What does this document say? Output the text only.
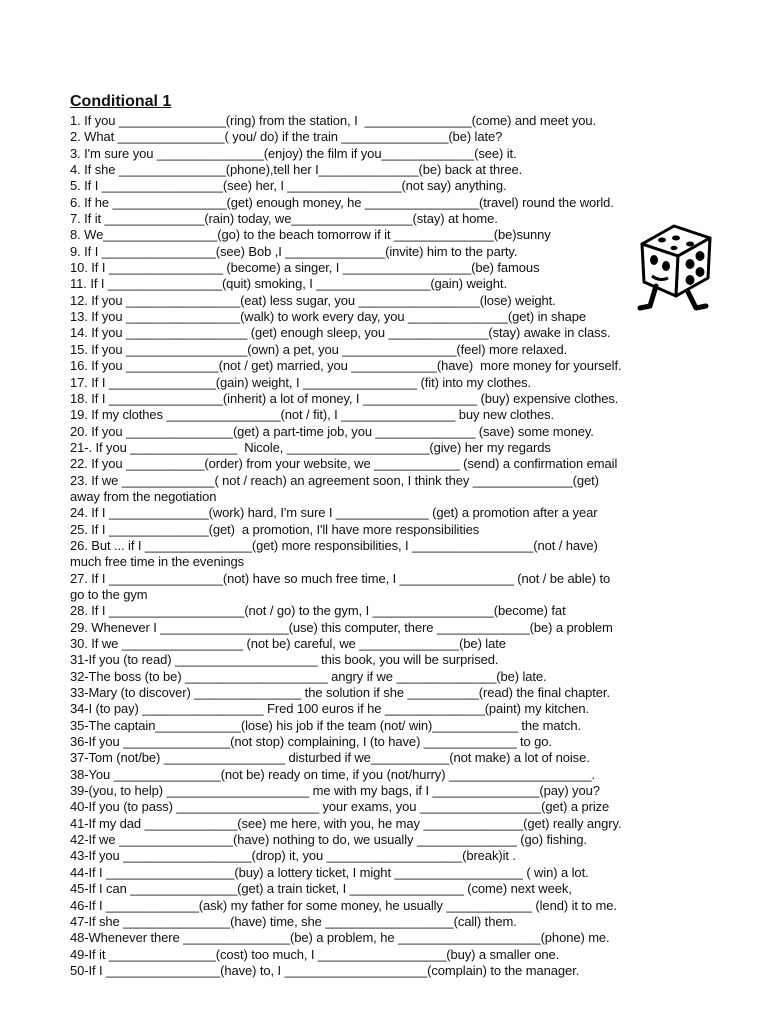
Conditional 1
1. If you _______________(ring) from the station, I  _______________(come) and meet you.
2. What _______________( you/ do) if the train _______________(be) late?
3. I'm sure you _______________(enjoy) the film if you_____________(see) it.
4. If she _______________(phone),tell her I______________(be) back at three.
5. If I _________________(see) her, I ________________(not say) anything.
6. If he ________________(get) enough money, he ________________(travel) round the world.
7. If it ______________(rain) today, we_________________(stay) at home.
8. We________________(go) to the beach tomorrow if it ______________(be)sunny
9. If I ________________(see) Bob ,I ______________(invite) him to the party.
10. If I ________________ (become) a singer, I __________________(be) famous
11. If I ________________(quit) smoking, I ________________(gain) weight.
12. If you ________________(eat) less sugar, you _________________(lose) weight.
13. If you ________________(walk) to work every day, you ______________(get) in shape
14. If you _________________ (get) enough sleep, you ______________(stay) awake in class.
15. If you _________________(own) a pet, you ________________(feel) more relaxed.
16. If you _____________(not / get) married, you ____________(have)  more money for yourself.
17. If I _______________(gain) weight, I ________________ (fit) into my clothes.
18. If I ________________(inherit) a lot of money, I ________________ (buy) expensive clothes.
19. If my clothes ________________(not / fit), I ________________ buy new clothes.
20. If you _______________(get) a part-time job, you ______________ (save) some money.
21-. If you _______________  Nicole, ____________________(give) her my regards
22. If you ___________(order) from your website, we ____________ (send) a confirmation email
23. If we _____________( not / reach) an agreement soon, I think they ______________(get)
away from the negotiation
24. If I ______________(work) hard, I'm sure I _____________ (get) a promotion after a year
25. If I ______________(get)  a promotion, I'll have more responsibilities
26. But ... if I _______________(get) more responsibilities, I _________________(not / have)
much free time in the evenings
27. If I ________________(not) have so much free time, I ________________ (not / be able) to
go to the gym
28. If I ___________________(not / go) to the gym, I _________________(become) fat
29. Whenever I __________________(use) this computer, there _____________(be) a problem
30. If we _________________ (not be) careful, we ______________(be) late
31-If you (to read) ____________________ this book, you will be surprised.
32-The boss (to be) ____________________ angry if we ______________(be) late.
33-Mary (to discover) _______________ the solution if she __________(read) the final chapter.
34-I (to pay) _________________ Fred 100 euros if he ______________(paint) my kitchen.
35-The captain____________(lose) his job if the team (not/ win)____________ the match.
36-If you _______________(not stop) complaining, I (to have) _____________ to go.
37-Tom (not/be) _________________ disturbed if we___________(not make) a lot of noise.
38-You _______________(not be) ready on time, if you (not/hurry) ____________________.
39-(you, to help) ____________________ me with my bags, if I _______________(pay) you?
40-If you (to pass) ____________________ your exams, you _________________(get) a prize
41-If my dad _____________(see) me here, with you, he may ______________(get) really angry.
42-If we ________________(have) nothing to do, we usually ______________ (go) fishing.
43-If you __________________(drop) it, you ___________________(break)it .
44-If I __________________(buy) a lottery ticket, I might __________________ ( win) a lot.
45-If I can _______________(get) a train ticket, I ________________ (come) next week,
46-If I _____________(ask) my father for some money, he usually ____________ (lend) it to me.
47-If she _______________(have) time, she __________________(call) them.
48-Whenever there _______________(be) a problem, he ____________________(phone) me.
49-If it _______________(cost) too much, I __________________(buy) a smaller one.
50-If I ________________(have) to, I ____________________(complain) to the manager.
